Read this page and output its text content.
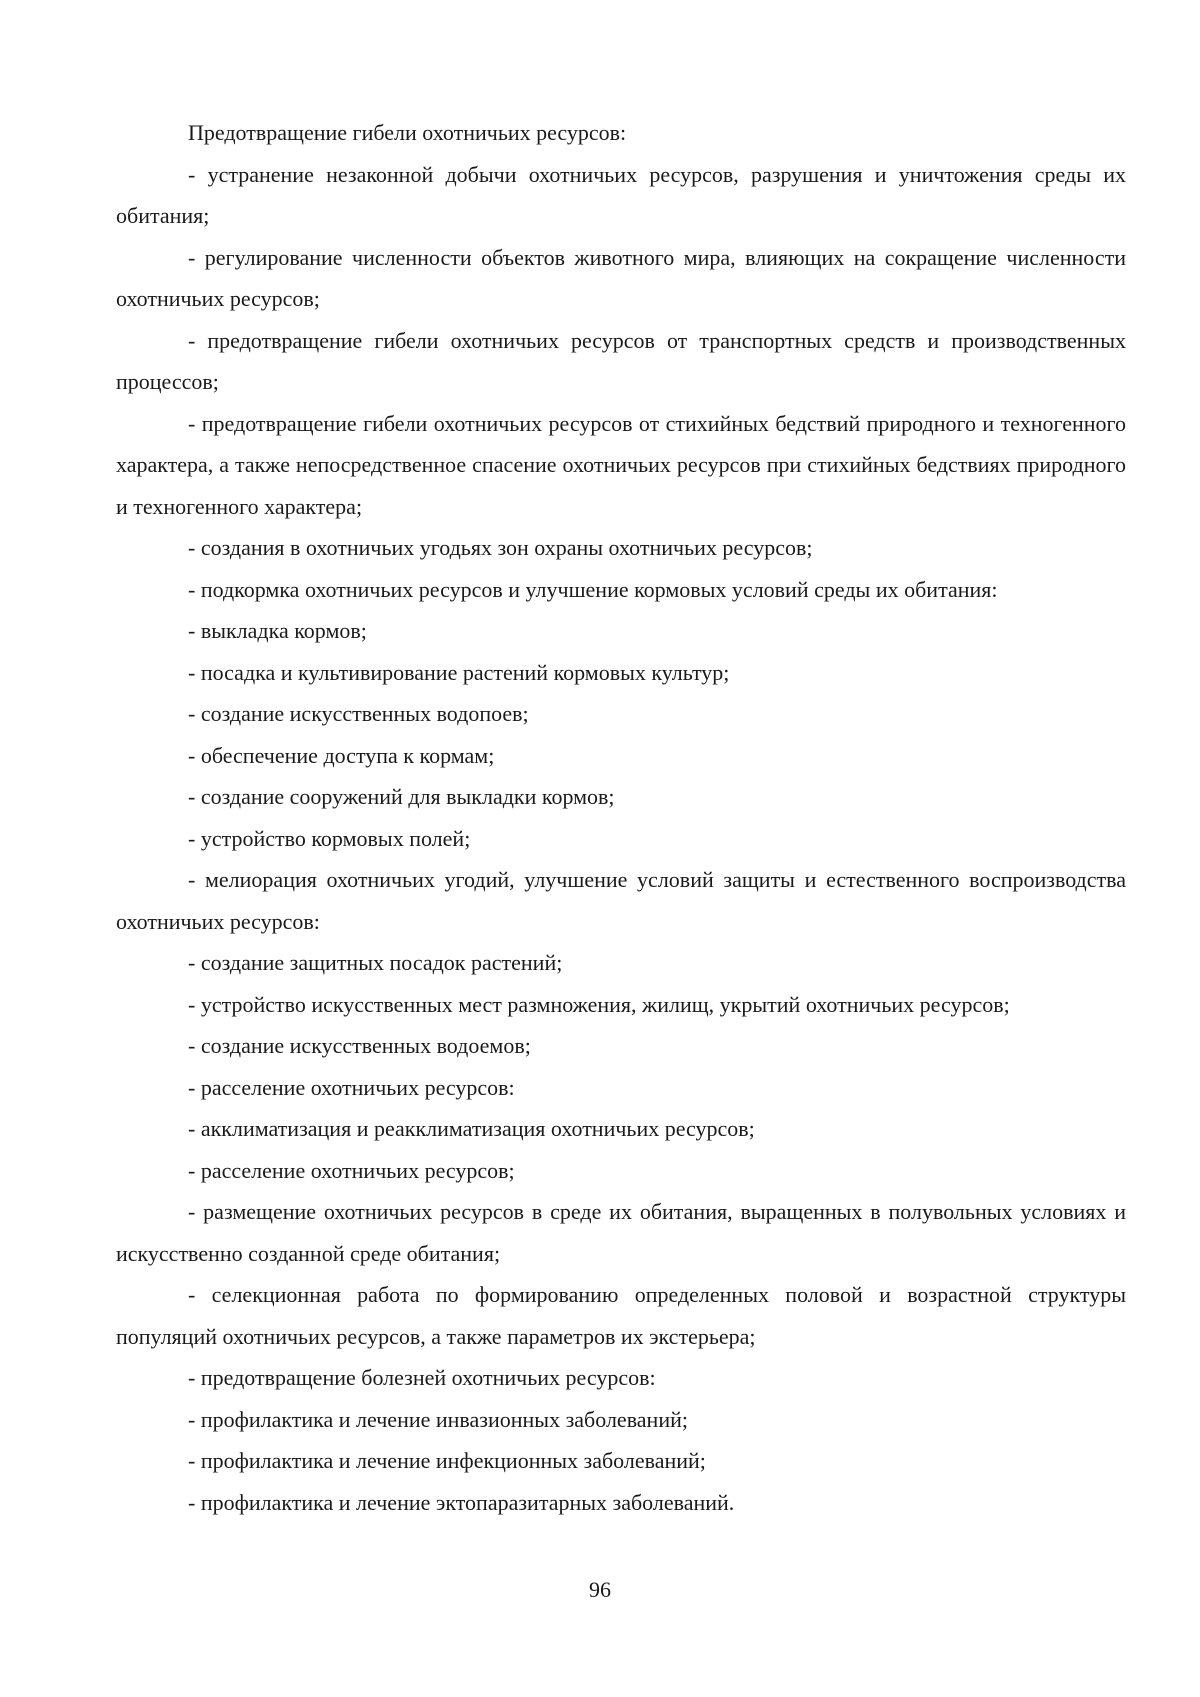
Предотвращение гибели охотничьих ресурсов:

- устранение незаконной добычи охотничьих ресурсов, разрушения и уничтожения среды их обитания;

- регулирование численности объектов животного мира, влияющих на сокращение численности охотничьих ресурсов;

- предотвращение гибели охотничьих ресурсов от транспортных средств и производственных процессов;

- предотвращение гибели охотничьих ресурсов от стихийных бедствий природного и техногенного характера, а также непосредственное спасение охотничьих ресурсов при стихийных бедствиях природного и техногенного характера;

- создания в охотничьих угодьях зон охраны охотничьих ресурсов;

- подкормка охотничьих ресурсов и улучшение кормовых условий среды их обитания:

- выкладка кормов;

- посадка и культивирование растений кормовых культур;

- создание искусственных водопоев;

- обеспечение доступа к кормам;

- создание сооружений для выкладки кормов;

- устройство кормовых полей;

- мелиорация охотничьих угодий, улучшение условий защиты и естественного воспроизводства охотничьих ресурсов:

- создание защитных посадок растений;

- устройство искусственных мест размножения, жилищ, укрытий охотничьих ресурсов;

- создание искусственных водоемов;

- расселение охотничьих ресурсов:

- акклиматизация и реакклиматизация охотничьих ресурсов;

- расселение охотничьих ресурсов;

- размещение охотничьих ресурсов в среде их обитания, выращенных в полувольных условиях и искусственно созданной среде обитания;

- селекционная работа по формированию определенных половой и возрастной структуры популяций охотничьих ресурсов, а также параметров их экстерьера;

- предотвращение болезней охотничьих ресурсов:

- профилактика и лечение инвазионных заболеваний;

- профилактика и лечение инфекционных заболеваний;

- профилактика и лечение эктопаразитарных заболеваний.

96
